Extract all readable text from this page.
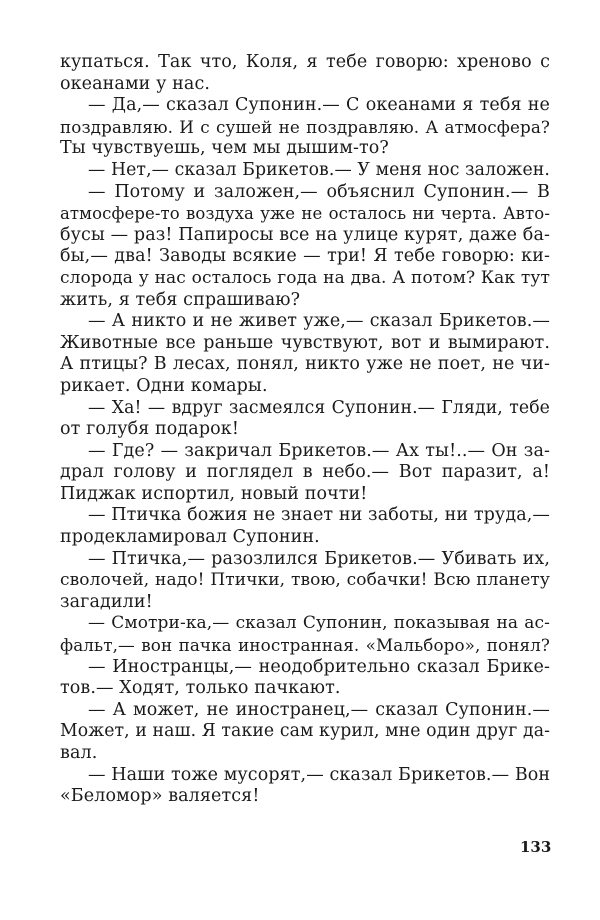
купаться. Так что, Коля, я тебе говорю: хреново с
океанами у нас.
— Да,— сказал Супонин.— С океанами я тебя не
поздравляю. И с сушей не поздравляю. А атмосфера?
Ты чувствуешь, чем мы дышим-то?
— Нет,— сказал Брикетов.— У меня нос заложен.
— Потому и заложен,— объяснил Супонин.— В
атмосфере-то воздуха уже не осталось ни черта. Авто-
бусы — раз! Папиросы все на улице курят, даже ба-
бы,— два! Заводы всякие — три! Я тебе говорю: ки-
слорода у нас осталось года на два. А потом? Как тут
жить, я тебя спрашиваю?
— А никто и не живет уже,— сказал Брикетов.—
Животные все раньше чувствуют, вот и вымирают.
А птицы? В лесах, понял, никто уже не поет, не чи-
рикает. Одни комары.
— Ха! — вдруг засмеялся Супонин.— Гляди, тебе
от голубя подарок!
— Где? — закричал Брикетов.— Ах ты!..— Он за-
драл голову и поглядел в небо.— Вот паразит, а!
Пиджак испортил, новый почти!
— Птичка божия не знает ни заботы, ни труда,—
продекламировал Супонин.
— Птичка,— разозлился Брикетов.— Убивать их,
сволочей, надо! Птички, твою, собачки! Всю планету
загадили!
— Смотри-ка,— сказал Супонин, показывая на ас-
фальт,— вон пачка иностранная. «Мальборо», понял?
— Иностранцы,— неодобрительно сказал Брике-
тов.— Ходят, только пачкают.
— А может, не иностранец,— сказал Супонин.—
Может, и наш. Я такие сам курил, мне один друг да-
вал.
— Наши тоже мусорят,— сказал Брикетов.— Вон
«Беломор» валяется!
133
